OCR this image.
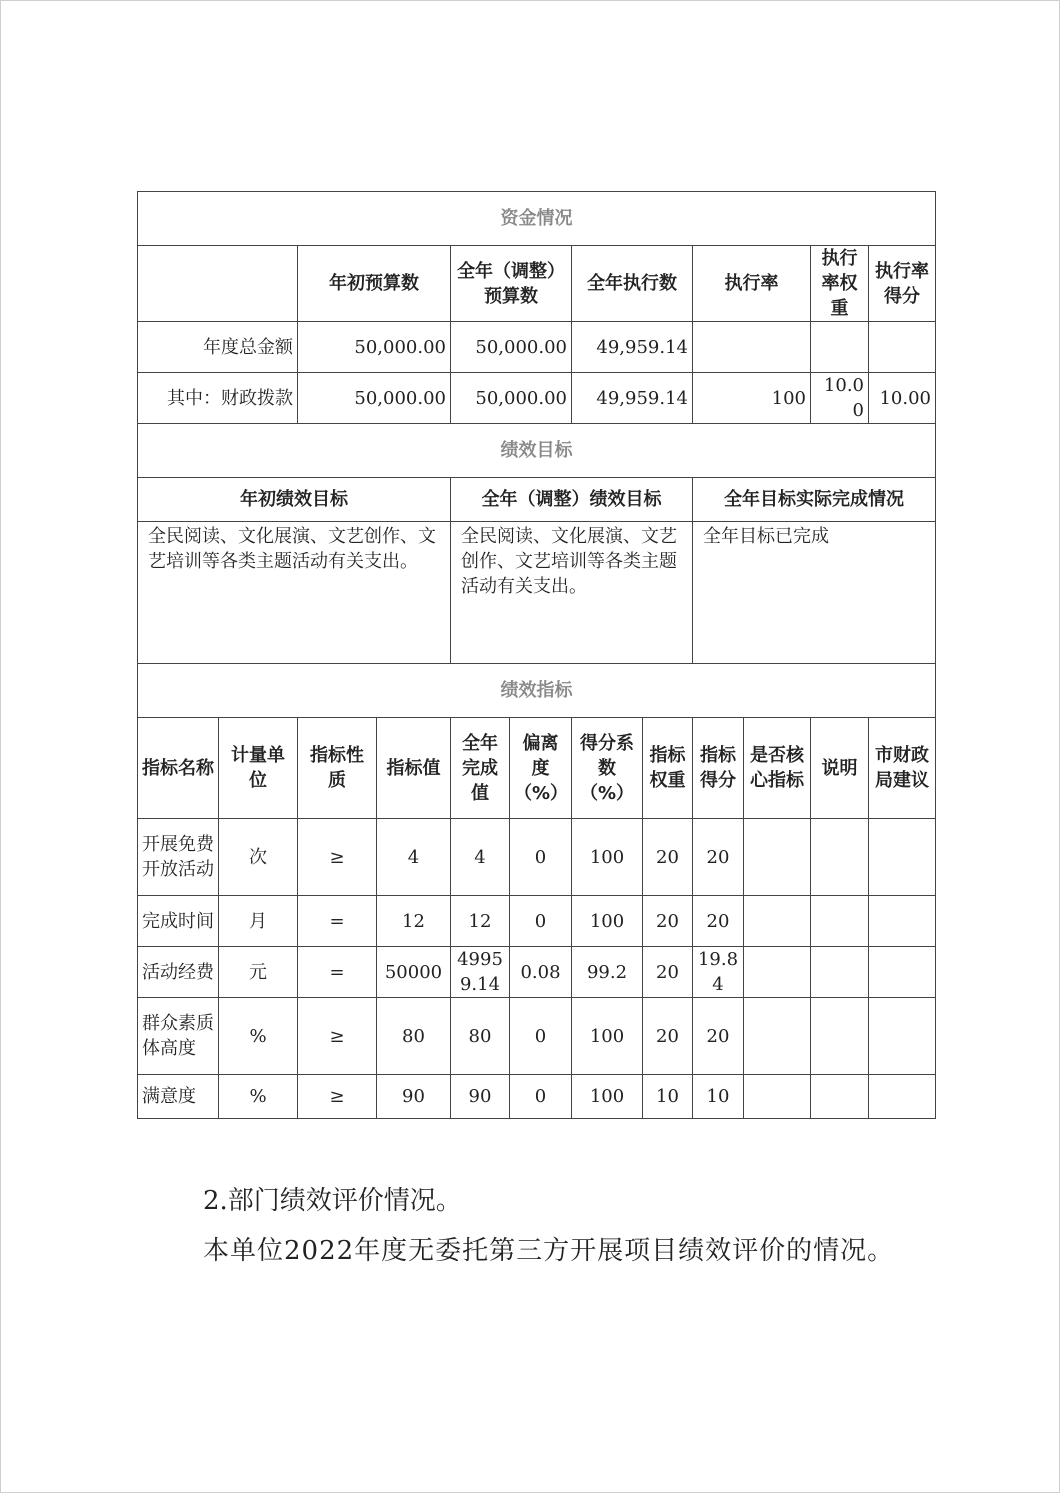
资金情况											
		年初预算数		全年（调整）预算数		全年执行数		执行率		执行率权重	执行率得分
年度总金额		50,000.00		50,000.00		49,959.14					
其中：财政拨款		50,000.00		50,000.00		49,959.14		100		10.00	10.00
绩效目标											
年初绩效目标				全年（调整）绩效目标				全年目标实际完成情况			
全民阅读、文化展演、文艺创作、文艺培训等各类主题活动有关支出。				全民阅读、文化展演、文艺创作、文艺培训等各类主题活动有关支出。				全年目标已完成			
绩效指标											
指标名称	计量单位	指标性质	指标值	全年完成值	偏离度（%）	得分系数（%）	指标权重	指标得分	是否核心指标	说明	市财政局建议
开展免费开放活动	次	≥	4	4	0	100	20	20			
完成时间	月	=	12	12	0	100	20	20			
活动经费	元	=	50000	49959.14	0.08	99.2	20	19.84			
群众素质体高度	%	≥	80	80	0	100	20	20			
满意度	%	≥	90	90	0	100	10	10			
2.部门绩效评价情况。
本单位2022年度无委托第三方开展项目绩效评价的情况。
